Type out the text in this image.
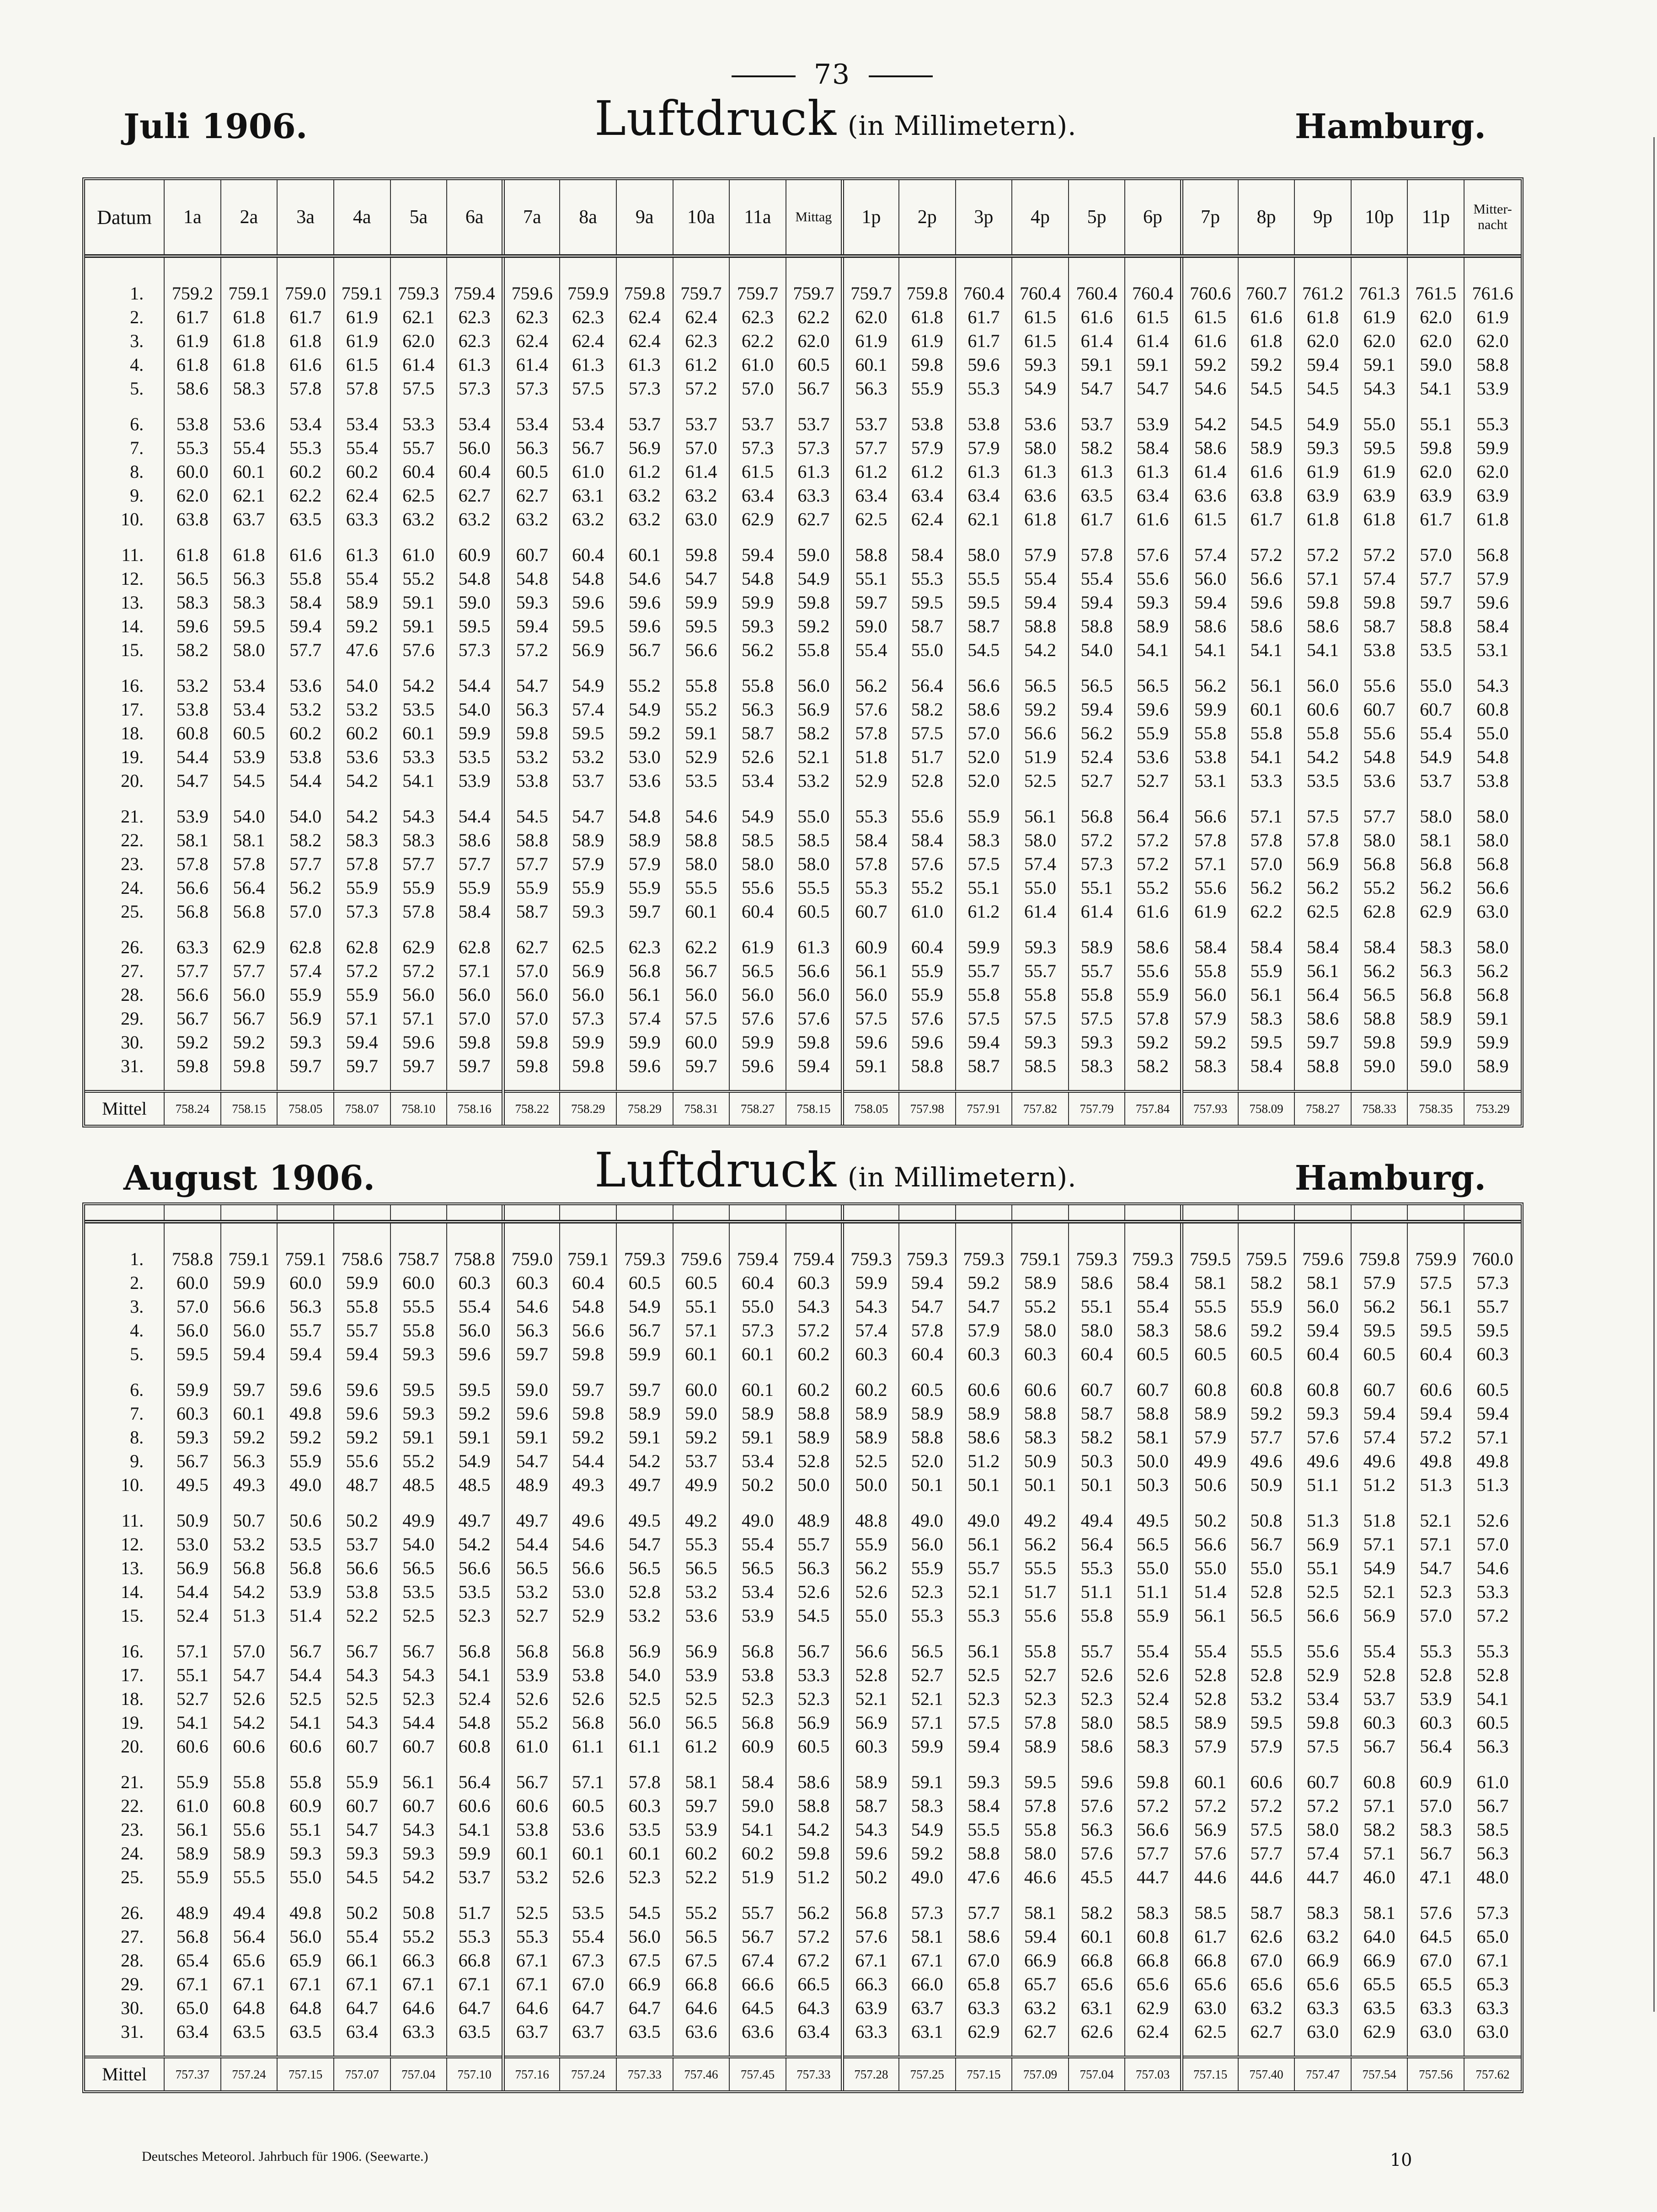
73
Juli 1906.	Luftdruck (in Millimetern).	Hamburg.
Datum	1a	2a	3a	4a	5a	6a	7a	8a	9a	10a	11a	Mittag	1p	2p	3p	4p	5p	6p	7p	8p	9p	10p	11p	Mitter-nacht

1.	759.2	759.1	759.0	759.1	759.3	759.4	759.6	759.9	759.8	759.7	759.7	759.7	759.7	759.8	760.4	760.4	760.4	760.4	760.6	760.7	761.2	761.3	761.5	761.6
2.	61.7	61.8	61.7	61.9	62.1	62.3	62.3	62.3	62.4	62.4	62.3	62.2	62.0	61.8	61.7	61.5	61.6	61.5	61.5	61.6	61.8	61.9	62.0	61.9
3.	61.9	61.8	61.8	61.9	62.0	62.3	62.4	62.4	62.4	62.3	62.2	62.0	61.9	61.9	61.7	61.5	61.4	61.4	61.6	61.8	62.0	62.0	62.0	62.0
4.	61.8	61.8	61.6	61.5	61.4	61.3	61.4	61.3	61.3	61.2	61.0	60.5	60.1	59.8	59.6	59.3	59.1	59.1	59.2	59.2	59.4	59.1	59.0	58.8
5.	58.6	58.3	57.8	57.8	57.5	57.3	57.3	57.5	57.3	57.2	57.0	56.7	56.3	55.9	55.3	54.9	54.7	54.7	54.6	54.5	54.5	54.3	54.1	53.9

6.	53.8	53.6	53.4	53.4	53.3	53.4	53.4	53.4	53.7	53.7	53.7	53.7	53.7	53.8	53.8	53.6	53.7	53.9	54.2	54.5	54.9	55.0	55.1	55.3
7.	55.3	55.4	55.3	55.4	55.7	56.0	56.3	56.7	56.9	57.0	57.3	57.3	57.7	57.9	57.9	58.0	58.2	58.4	58.6	58.9	59.3	59.5	59.8	59.9
8.	60.0	60.1	60.2	60.2	60.4	60.4	60.5	61.0	61.2	61.4	61.5	61.3	61.2	61.2	61.3	61.3	61.3	61.3	61.4	61.6	61.9	61.9	62.0	62.0
9.	62.0	62.1	62.2	62.4	62.5	62.7	62.7	63.1	63.2	63.2	63.4	63.3	63.4	63.4	63.4	63.6	63.5	63.4	63.6	63.8	63.9	63.9	63.9	63.9
10.	63.8	63.7	63.5	63.3	63.2	63.2	63.2	63.2	63.2	63.0	62.9	62.7	62.5	62.4	62.1	61.8	61.7	61.6	61.5	61.7	61.8	61.8	61.7	61.8

11.	61.8	61.8	61.6	61.3	61.0	60.9	60.7	60.4	60.1	59.8	59.4	59.0	58.8	58.4	58.0	57.9	57.8	57.6	57.4	57.2	57.2	57.2	57.0	56.8
12.	56.5	56.3	55.8	55.4	55.2	54.8	54.8	54.8	54.6	54.7	54.8	54.9	55.1	55.3	55.5	55.4	55.4	55.6	56.0	56.6	57.1	57.4	57.7	57.9
13.	58.3	58.3	58.4	58.9	59.1	59.0	59.3	59.6	59.6	59.9	59.9	59.8	59.7	59.5	59.5	59.4	59.4	59.3	59.4	59.6	59.8	59.8	59.7	59.6
14.	59.6	59.5	59.4	59.2	59.1	59.5	59.4	59.5	59.6	59.5	59.3	59.2	59.0	58.7	58.7	58.8	58.8	58.9	58.6	58.6	58.6	58.7	58.8	58.4
15.	58.2	58.0	57.7	47.6	57.6	57.3	57.2	56.9	56.7	56.6	56.2	55.8	55.4	55.0	54.5	54.2	54.0	54.1	54.1	54.1	54.1	53.8	53.5	53.1

16.	53.2	53.4	53.6	54.0	54.2	54.4	54.7	54.9	55.2	55.8	55.8	56.0	56.2	56.4	56.6	56.5	56.5	56.5	56.2	56.1	56.0	55.6	55.0	54.3
17.	53.8	53.4	53.2	53.2	53.5	54.0	56.3	57.4	54.9	55.2	56.3	56.9	57.6	58.2	58.6	59.2	59.4	59.6	59.9	60.1	60.6	60.7	60.7	60.8
18.	60.8	60.5	60.2	60.2	60.1	59.9	59.8	59.5	59.2	59.1	58.7	58.2	57.8	57.5	57.0	56.6	56.2	55.9	55.8	55.8	55.8	55.6	55.4	55.0
19.	54.4	53.9	53.8	53.6	53.3	53.5	53.2	53.2	53.0	52.9	52.6	52.1	51.8	51.7	52.0	51.9	52.4	53.6	53.8	54.1	54.2	54.8	54.9	54.8
20.	54.7	54.5	54.4	54.2	54.1	53.9	53.8	53.7	53.6	53.5	53.4	53.2	52.9	52.8	52.0	52.5	52.7	52.7	53.1	53.3	53.5	53.6	53.7	53.8

21.	53.9	54.0	54.0	54.2	54.3	54.4	54.5	54.7	54.8	54.6	54.9	55.0	55.3	55.6	55.9	56.1	56.8	56.4	56.6	57.1	57.5	57.7	58.0	58.0
22.	58.1	58.1	58.2	58.3	58.3	58.6	58.8	58.9	58.9	58.8	58.5	58.5	58.4	58.4	58.3	58.0	57.2	57.2	57.8	57.8	57.8	58.0	58.1	58.0
23.	57.8	57.8	57.7	57.8	57.7	57.7	57.7	57.9	57.9	58.0	58.0	58.0	57.8	57.6	57.5	57.4	57.3	57.2	57.1	57.0	56.9	56.8	56.8	56.8
24.	56.6	56.4	56.2	55.9	55.9	55.9	55.9	55.9	55.9	55.5	55.6	55.5	55.3	55.2	55.1	55.0	55.1	55.2	55.6	56.2	56.2	55.2	56.2	56.6
25.	56.8	56.8	57.0	57.3	57.8	58.4	58.7	59.3	59.7	60.1	60.4	60.5	60.7	61.0	61.2	61.4	61.4	61.6	61.9	62.2	62.5	62.8	62.9	63.0

26.	63.3	62.9	62.8	62.8	62.9	62.8	62.7	62.5	62.3	62.2	61.9	61.3	60.9	60.4	59.9	59.3	58.9	58.6	58.4	58.4	58.4	58.4	58.3	58.0
27.	57.7	57.7	57.4	57.2	57.2	57.1	57.0	56.9	56.8	56.7	56.5	56.6	56.1	55.9	55.7	55.7	55.7	55.6	55.8	55.9	56.1	56.2	56.3	56.2
28.	56.6	56.0	55.9	55.9	56.0	56.0	56.0	56.0	56.1	56.0	56.0	56.0	56.0	55.9	55.8	55.8	55.8	55.9	56.0	56.1	56.4	56.5	56.8	56.8
29.	56.7	56.7	56.9	57.1	57.1	57.0	57.0	57.3	57.4	57.5	57.6	57.6	57.5	57.6	57.5	57.5	57.5	57.8	57.9	58.3	58.6	58.8	58.9	59.1
30.	59.2	59.2	59.3	59.4	59.6	59.8	59.8	59.9	59.9	60.0	59.9	59.8	59.6	59.6	59.4	59.3	59.3	59.2	59.2	59.5	59.7	59.8	59.9	59.9
31.	59.8	59.8	59.7	59.7	59.7	59.7	59.8	59.8	59.6	59.7	59.6	59.4	59.1	58.8	58.7	58.5	58.3	58.2	58.3	58.4	58.8	59.0	59.0	58.9

Mittel	758.24	758.15	758.05	758.07	758.10	758.16	758.22	758.29	758.29	758.31	758.27	758.15	758.05	757.98	757.91	757.82	757.79	757.84	757.93	758.09	758.27	758.33	758.35	753.29
August 1906.	Luftdruck (in Millimetern).	Hamburg.

1.	758.8	759.1	759.1	758.6	758.7	758.8	759.0	759.1	759.3	759.6	759.4	759.4	759.3	759.3	759.3	759.1	759.3	759.3	759.5	759.5	759.6	759.8	759.9	760.0
2.	60.0	59.9	60.0	59.9	60.0	60.3	60.3	60.4	60.5	60.5	60.4	60.3	59.9	59.4	59.2	58.9	58.6	58.4	58.1	58.2	58.1	57.9	57.5	57.3
3.	57.0	56.6	56.3	55.8	55.5	55.4	54.6	54.8	54.9	55.1	55.0	54.3	54.3	54.7	54.7	55.2	55.1	55.4	55.5	55.9	56.0	56.2	56.1	55.7
4.	56.0	56.0	55.7	55.7	55.8	56.0	56.3	56.6	56.7	57.1	57.3	57.2	57.4	57.8	57.9	58.0	58.0	58.3	58.6	59.2	59.4	59.5	59.5	59.5
5.	59.5	59.4	59.4	59.4	59.3	59.6	59.7	59.8	59.9	60.1	60.1	60.2	60.3	60.4	60.3	60.3	60.4	60.5	60.5	60.5	60.4	60.5	60.4	60.3

6.	59.9	59.7	59.6	59.6	59.5	59.5	59.0	59.7	59.7	60.0	60.1	60.2	60.2	60.5	60.6	60.6	60.7	60.7	60.8	60.8	60.8	60.7	60.6	60.5
7.	60.3	60.1	49.8	59.6	59.3	59.2	59.6	59.8	58.9	59.0	58.9	58.8	58.9	58.9	58.9	58.8	58.7	58.8	58.9	59.2	59.3	59.4	59.4	59.4
8.	59.3	59.2	59.2	59.2	59.1	59.1	59.1	59.2	59.1	59.2	59.1	58.9	58.9	58.8	58.6	58.3	58.2	58.1	57.9	57.7	57.6	57.4	57.2	57.1
9.	56.7	56.3	55.9	55.6	55.2	54.9	54.7	54.4	54.2	53.7	53.4	52.8	52.5	52.0	51.2	50.9	50.3	50.0	49.9	49.6	49.6	49.6	49.8	49.8
10.	49.5	49.3	49.0	48.7	48.5	48.5	48.9	49.3	49.7	49.9	50.2	50.0	50.0	50.1	50.1	50.1	50.1	50.3	50.6	50.9	51.1	51.2	51.3	51.3

11.	50.9	50.7	50.6	50.2	49.9	49.7	49.7	49.6	49.5	49.2	49.0	48.9	48.8	49.0	49.0	49.2	49.4	49.5	50.2	50.8	51.3	51.8	52.1	52.6
12.	53.0	53.2	53.5	53.7	54.0	54.2	54.4	54.6	54.7	55.3	55.4	55.7	55.9	56.0	56.1	56.2	56.4	56.5	56.6	56.7	56.9	57.1	57.1	57.0
13.	56.9	56.8	56.8	56.6	56.5	56.6	56.5	56.6	56.5	56.5	56.5	56.3	56.2	55.9	55.7	55.5	55.3	55.0	55.0	55.0	55.1	54.9	54.7	54.6
14.	54.4	54.2	53.9	53.8	53.5	53.5	53.2	53.0	52.8	53.2	53.4	52.6	52.6	52.3	52.1	51.7	51.1	51.1	51.4	52.8	52.5	52.1	52.3	53.3
15.	52.4	51.3	51.4	52.2	52.5	52.3	52.7	52.9	53.2	53.6	53.9	54.5	55.0	55.3	55.3	55.6	55.8	55.9	56.1	56.5	56.6	56.9	57.0	57.2

16.	57.1	57.0	56.7	56.7	56.7	56.8	56.8	56.8	56.9	56.9	56.8	56.7	56.6	56.5	56.1	55.8	55.7	55.4	55.4	55.5	55.6	55.4	55.3	55.3
17.	55.1	54.7	54.4	54.3	54.3	54.1	53.9	53.8	54.0	53.9	53.8	53.3	52.8	52.7	52.5	52.7	52.6	52.6	52.8	52.8	52.9	52.8	52.8	52.8
18.	52.7	52.6	52.5	52.5	52.3	52.4	52.6	52.6	52.5	52.5	52.3	52.3	52.1	52.1	52.3	52.3	52.3	52.4	52.8	53.2	53.4	53.7	53.9	54.1
19.	54.1	54.2	54.1	54.3	54.4	54.8	55.2	56.8	56.0	56.5	56.8	56.9	56.9	57.1	57.5	57.8	58.0	58.5	58.9	59.5	59.8	60.3	60.3	60.5
20.	60.6	60.6	60.6	60.7	60.7	60.8	61.0	61.1	61.1	61.2	60.9	60.5	60.3	59.9	59.4	58.9	58.6	58.3	57.9	57.9	57.5	56.7	56.4	56.3

21.	55.9	55.8	55.8	55.9	56.1	56.4	56.7	57.1	57.8	58.1	58.4	58.6	58.9	59.1	59.3	59.5	59.6	59.8	60.1	60.6	60.7	60.8	60.9	61.0
22.	61.0	60.8	60.9	60.7	60.7	60.6	60.6	60.5	60.3	59.7	59.0	58.8	58.7	58.3	58.4	57.8	57.6	57.2	57.2	57.2	57.2	57.1	57.0	56.7
23.	56.1	55.6	55.1	54.7	54.3	54.1	53.8	53.6	53.5	53.9	54.1	54.2	54.3	54.9	55.5	55.8	56.3	56.6	56.9	57.5	58.0	58.2	58.3	58.5
24.	58.9	58.9	59.3	59.3	59.3	59.9	60.1	60.1	60.1	60.2	60.2	59.8	59.6	59.2	58.8	58.0	57.6	57.7	57.6	57.7	57.4	57.1	56.7	56.3
25.	55.9	55.5	55.0	54.5	54.2	53.7	53.2	52.6	52.3	52.2	51.9	51.2	50.2	49.0	47.6	46.6	45.5	44.7	44.6	44.6	44.7	46.0	47.1	48.0

26.	48.9	49.4	49.8	50.2	50.8	51.7	52.5	53.5	54.5	55.2	55.7	56.2	56.8	57.3	57.7	58.1	58.2	58.3	58.5	58.7	58.3	58.1	57.6	57.3
27.	56.8	56.4	56.0	55.4	55.2	55.3	55.3	55.4	56.0	56.5	56.7	57.2	57.6	58.1	58.6	59.4	60.1	60.8	61.7	62.6	63.2	64.0	64.5	65.0
28.	65.4	65.6	65.9	66.1	66.3	66.8	67.1	67.3	67.5	67.5	67.4	67.2	67.1	67.1	67.0	66.9	66.8	66.8	66.8	67.0	66.9	66.9	67.0	67.1
29.	67.1	67.1	67.1	67.1	67.1	67.1	67.1	67.0	66.9	66.8	66.6	66.5	66.3	66.0	65.8	65.7	65.6	65.6	65.6	65.6	65.6	65.5	65.5	65.3
30.	65.0	64.8	64.8	64.7	64.6	64.7	64.6	64.7	64.7	64.6	64.5	64.3	63.9	63.7	63.3	63.2	63.1	62.9	63.0	63.2	63.3	63.5	63.3	63.3
31.	63.4	63.5	63.5	63.4	63.3	63.5	63.7	63.7	63.5	63.6	63.6	63.4	63.3	63.1	62.9	62.7	62.6	62.4	62.5	62.7	63.0	62.9	63.0	63.0

Mittel	757.37	757.24	757.15	757.07	757.04	757.10	757.16	757.24	757.33	757.46	757.45	757.33	757.28	757.25	757.15	757.09	757.04	757.03	757.15	757.40	757.47	757.54	757.56	757.62
Deutsches Meteorol. Jahrbuch für 1906. (Seewarte.)	10
